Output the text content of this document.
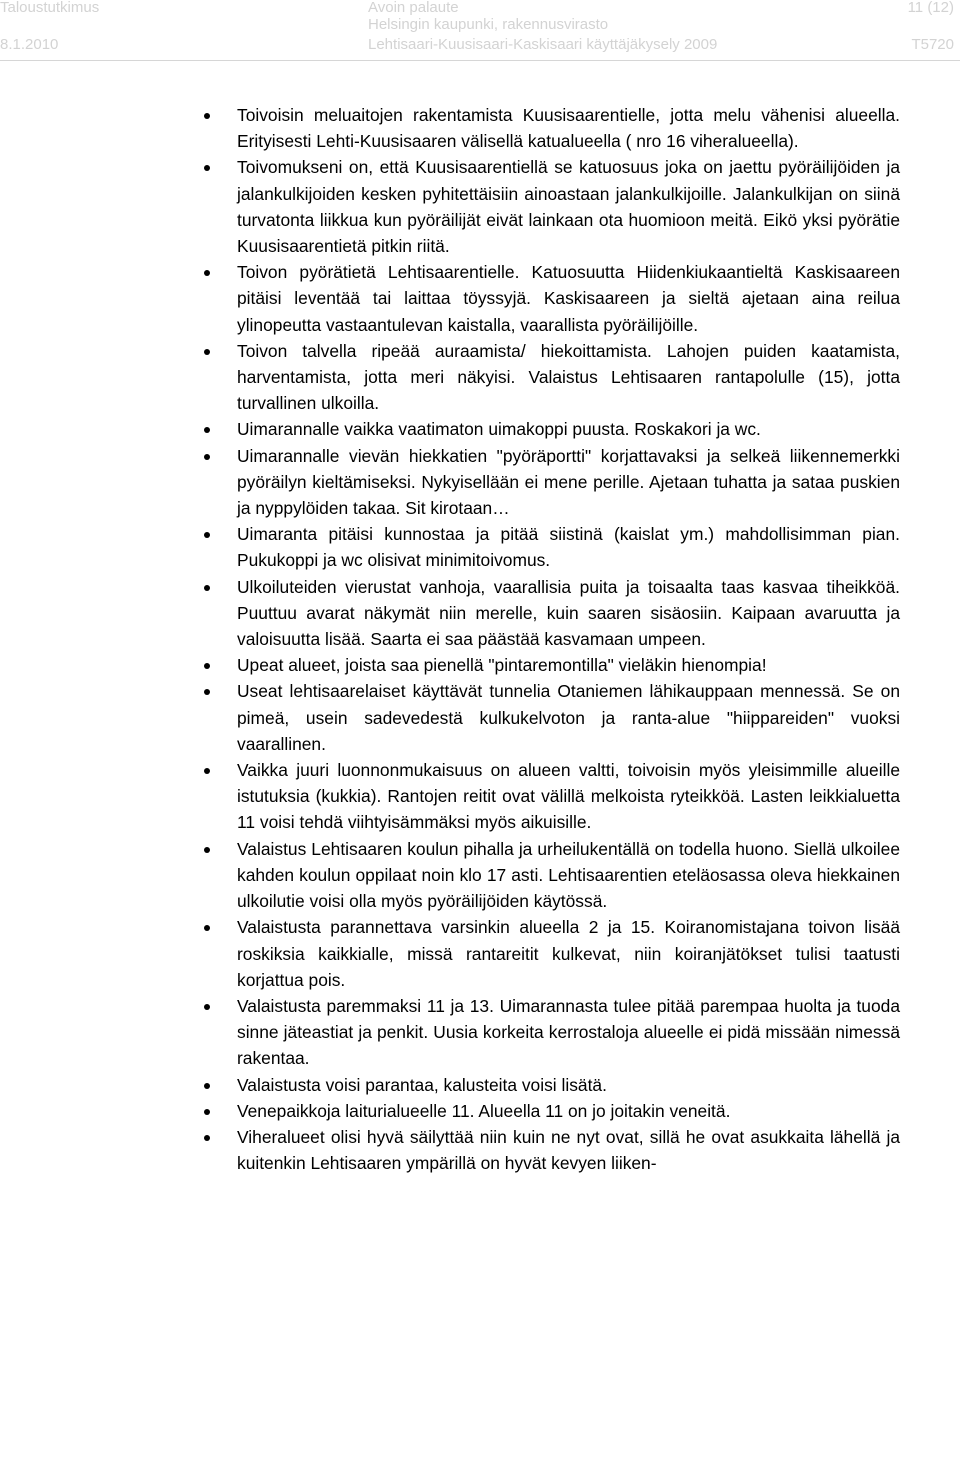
Taloustutkimus
8.1.2010
Avoin palaute
Helsingin kaupunki, rakennusvirasto
Lehtisaari-Kuusisaari-Kaskisaari käyttäjäkysely 2009
11 (12)
T5720
Toivoisin meluaitojen rakentamista Kuusisaarentielle, jotta melu vähenisi alueella. Erityisesti Lehti-Kuusisaaren välisellä katualueella ( nro 16 viheralueella).
Toivomukseni on, että Kuusisaarentiellä se katuosuus joka on jaettu pyöräilijöiden ja jalankulkijoiden kesken pyhitettäisiin ainoastaan jalankulkijoille. Jalankulkijan on siinä turvatonta liikkua kun pyöräilijät eivät lainkaan ota huomioon meitä. Eikö yksi pyörätie Kuusisaarentietä pitkin riitä.
Toivon pyörätietä Lehtisaarentielle. Katuosuutta Hiidenkiukaantieltä Kaskisaareen pitäisi leventää tai laittaa töyssyjä. Kaskisaareen ja sieltä ajetaan aina reilua ylinopeutta vastaantulevan kaistalla, vaarallista pyöräilijöille.
Toivon talvella ripeää auraamista/ hiekoittamista. Lahojen puiden kaatamista, harventamista, jotta meri näkyisi. Valaistus Lehtisaaren rantapolulle (15), jotta turvallinen ulkoilla.
Uimarannalle vaikka vaatimaton uimakoppi puusta. Roskakori ja wc.
Uimarannalle vievän hiekkatien "pyöräportti" korjattavaksi ja selkeä liikennemerkki pyöräilyn kieltämiseksi. Nykyisellään ei mene perille. Ajetaan tuhatta ja sataa puskien ja nyppylöiden takaa. Sit kirotaan…
Uimaranta pitäisi kunnostaa ja pitää siistinä (kaislat ym.) mahdollisimman pian. Pukukoppi ja wc olisivat minimitoivomus.
Ulkoiluteiden vierustat vanhoja, vaarallisia puita ja toisaalta taas kasvaa tiheikköä. Puuttuu avarat näkymät niin merelle, kuin saaren sisäosiin. Kaipaan avaruutta ja valoisuutta lisää. Saarta ei saa päästää kasvamaan umpeen.
Upeat alueet, joista saa pienellä "pintaremontilla" vieläkin hienompia!
Useat lehtisaarelaiset käyttävät tunnelia Otaniemen lähikauppaan mennessä. Se on pimeä, usein sadevedestä kulkukelvoton ja ranta-alue "hiippareiden" vuoksi vaarallinen.
Vaikka juuri luonnonmukaisuus on alueen valtti, toivoisin myös yleisimmille alueille istutuksia (kukkia). Rantojen reitit ovat välillä melkoista ryteikköä. Lasten leikkialuetta 11 voisi tehdä viihtyisämmäksi myös aikuisille.
Valaistus Lehtisaaren koulun pihalla ja urheilukentällä on todella huono. Siellä ulkoilee kahden koulun oppilaat noin klo 17 asti. Lehtisaarentien eteläosassa oleva hiekkainen ulkoilutie voisi olla myös pyöräilijöiden käytössä.
Valaistusta parannettava varsinkin alueella 2 ja 15. Koiranomistajana toivon lisää roskiksia kaikkialle, missä rantareitit kulkevat, niin koiranjätökset tulisi taatusti korjattua pois.
Valaistusta paremmaksi 11 ja 13. Uimarannasta tulee pitää parempaa huolta ja tuoda sinne jäteastiat ja penkit. Uusia korkeita kerrostaloja alueelle ei pidä missään nimessä rakentaa.
Valaistusta voisi parantaa, kalusteita voisi lisätä.
Venepaikkoja laiturialueelle 11. Alueella 11 on jo joitakin veneitä.
Viheralueet olisi hyvä säilyttää niin kuin ne nyt ovat, sillä he ovat asukkaita lähellä ja kuitenkin Lehtisaaren ympärillä on hyvät kevyen liiken-
